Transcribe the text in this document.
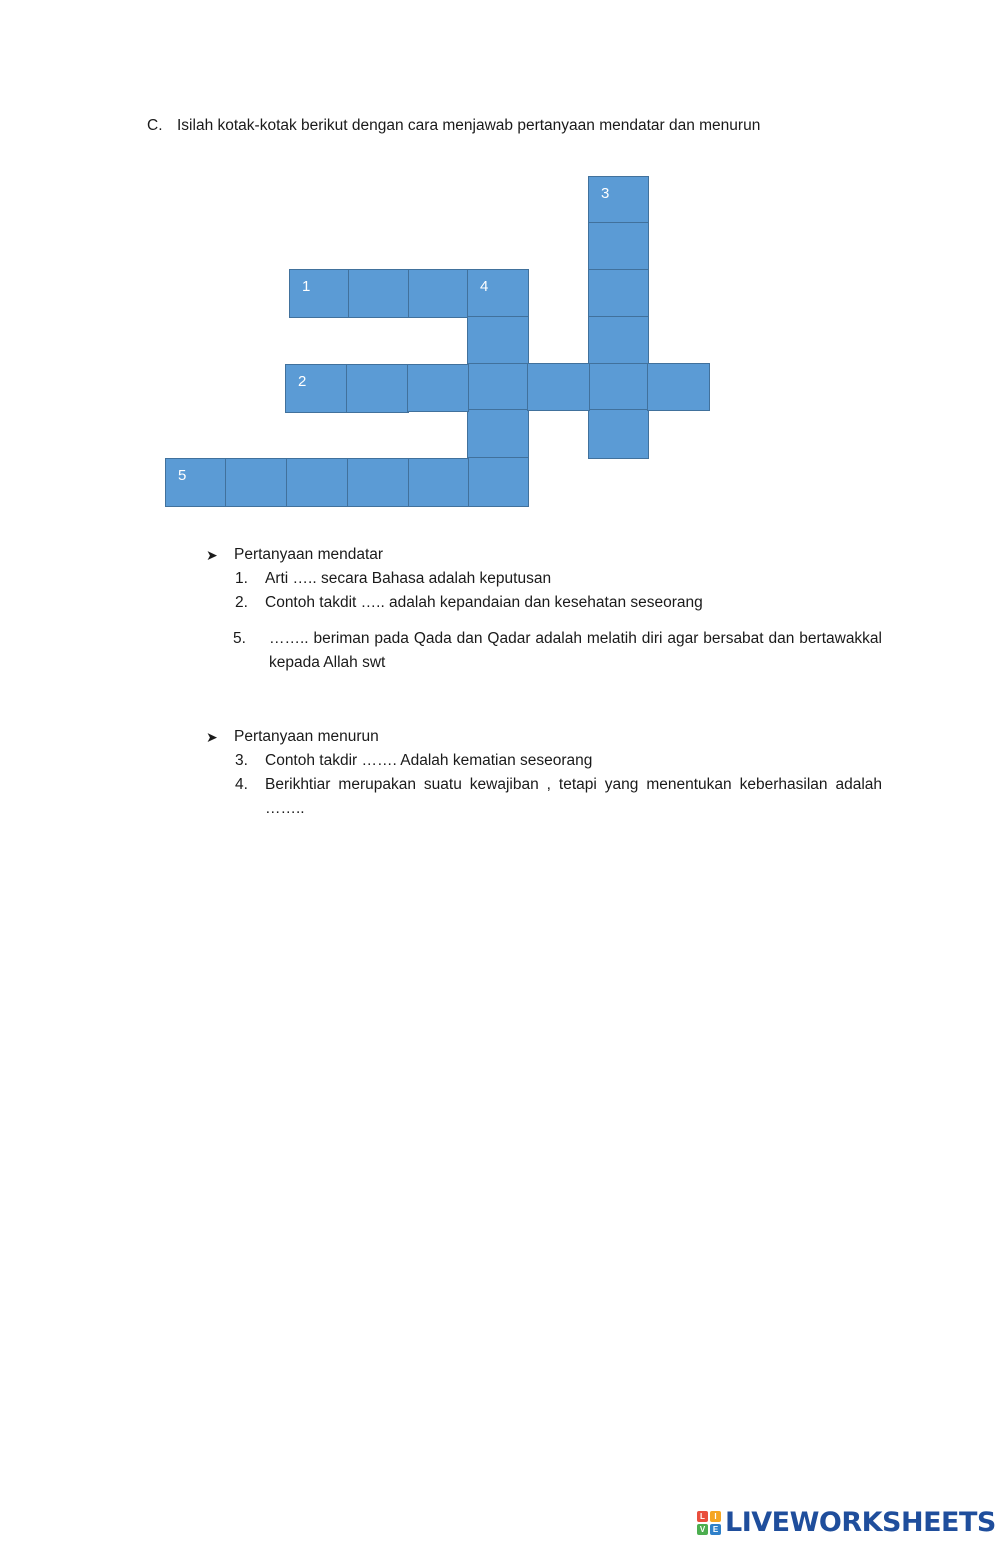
C. Isilah kotak-kotak berikut dengan cara menjawab pertanyaan mendatar dan menurun
3
1	4
2
5
➤ Pertanyaan mendatar
1. Arti ….. secara Bahasa adalah keputusan
2. Contoh takdit ….. adalah kepandaian dan kesehatan seseorang
5. …….. beriman pada Qada dan Qadar adalah melatih diri agar bersabat dan bertawakkal kepada Allah swt
➤ Pertanyaan menurun
3. Contoh takdir ……. Adalah kematian seseorang
4. Berikhtiar merupakan suatu kewajiban , tetapi yang menentukan keberhasilan adalah ……..
L	I
V E LIVEWORKSHEETS
